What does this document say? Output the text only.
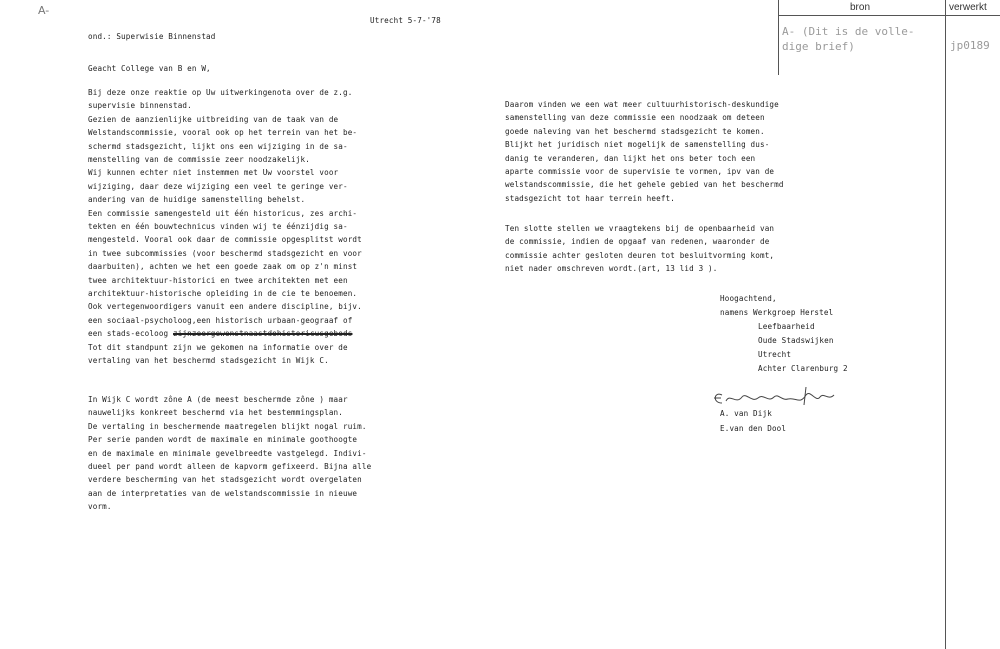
A-
Utrecht 5-7-'78
ond.: Superwisie Binnenstad
Geacht College van B en W,
Bij deze onze reaktie op Uw uitwerkingenota over de z.g.
supervisie binnenstad.
Gezien de aanzienlijke uitbreiding van de taak van de
Welstandscommissie, vooral ook op het terrein van het be-
schermd stadsgezicht, lijkt ons een wijziging in de sa-
menstelling van de commissie zeer noodzakelijk.
Wij kunnen echter niet instemmen met Uw voorstel voor
wijziging, daar deze wijziging een veel te geringe ver-
andering van de huidige samenstelling behelst.
Een commissie samengesteld uit één historicus, zes archi-
tekten en één bouwtechnicus vinden wij te éénzijdig sa-
mengesteld. Vooral ook daar de commissie opgesplitst wordt
in twee subcommissies (voor beschermd stadsgezicht en voor
daarbuiten), achten we het een goede zaak om op z'n minst
twee architektuur-historici en twee architekten met een
architektuur-historische opleiding in de cie te benoemen.
Ook vertegenwoordigers vanuit een andere discipline, bijv.
een sociaal-psycholoog,een historisch urbaan-geograaf of
een stads-ecoloog zijnzeergewenstnaastdehistoricusgebeds
Tot dit standpunt zijn we gekomen na informatie over de
vertaling van het beschermd stadsgezicht in Wijk C.
In Wijk C wordt zône A (de meest beschermde zône ) maar
nauwelijks konkreet beschermd via het bestemmingsplan.
De vertaling in beschermende maatregelen blijkt nogal ruim.
Per serie panden wordt de maximale en minimale goothoogte
en de maximale en minimale gevelbreedte vastgelegd. Indivi-
dueel per pand wordt alleen de kapvorm gefixeerd. Bijna alle
verdere bescherming van het stadsgezicht wordt overgelaten
aan de interpretaties van de welstandscommissie in nieuwe
vorm.
Daarom vinden we een wat meer cultuurhistorisch-deskundige
samenstelling van deze commissie een noodzaak om deteen
goede naleving van het beschermd stadsgezicht te komen.
Blijkt het juridisch niet mogelijk de samenstelling dus-
danig te veranderen, dan lijkt het ons beter toch een
aparte commissie voor de supervisie te vormen, ipv van de
welstandscommissie, die het gehele gebied van het beschermd
stadsgezicht tot haar terrein heeft.
Ten slotte stellen we vraagtekens bij de openbaarheid van
de commissie, indien de opgaaf van redenen, waaronder de
commissie achter gesloten deuren tot besluitvorming komt,
niet nader omschreven wordt.(art, 13 lid 3 ).
Hoogachtend,
namens Werkgroep Herstel
Leefbaarheid
Oude Stadswijken
Utrecht
Achter Clarenburg 2
A. van Dijk
E.van den Dool
bron	verwerkt
A- (Dit is de volle-
dige brief)	jp0189
